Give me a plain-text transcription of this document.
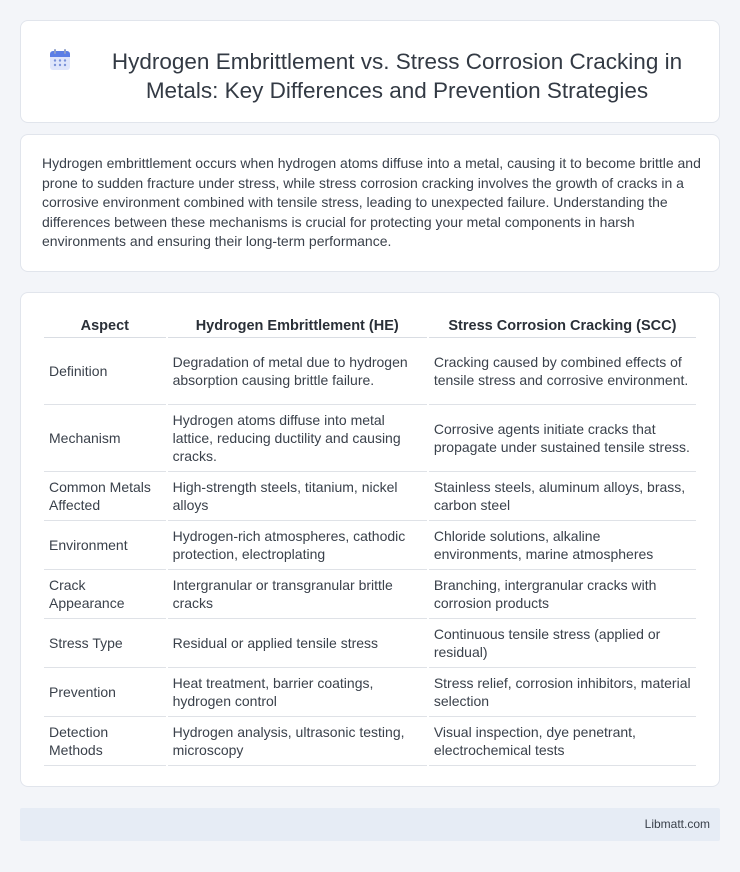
Hydrogen Embrittlement vs. Stress Corrosion Cracking in Metals: Key Differences and Prevention Strategies

Hydrogen embrittlement occurs when hydrogen atoms diffuse into a metal, causing it to become brittle and prone to sudden fracture under stress, while stress corrosion cracking involves the growth of cracks in a corrosive environment combined with tensile stress, leading to unexpected failure. Understanding the differences between these mechanisms is crucial for protecting your metal components in harsh environments and ensuring their long-term performance.

Aspect	Hydrogen Embrittlement (HE)	Stress Corrosion Cracking (SCC)
Definition	Degradation of metal due to hydrogen absorption causing brittle failure.	Cracking caused by combined effects of tensile stress and corrosive environment.
Mechanism	Hydrogen atoms diffuse into metal lattice, reducing ductility and causing cracks.	Corrosive agents initiate cracks that propagate under sustained tensile stress.
Common Metals Affected	High-strength steels, titanium, nickel alloys	Stainless steels, aluminum alloys, brass, carbon steel
Environment	Hydrogen-rich atmospheres, cathodic protection, electroplating	Chloride solutions, alkaline environments, marine atmospheres
Crack Appearance	Intergranular or transgranular brittle cracks	Branching, intergranular cracks with corrosion products
Stress Type	Residual or applied tensile stress	Continuous tensile stress (applied or residual)
Prevention	Heat treatment, barrier coatings, hydrogen control	Stress relief, corrosion inhibitors, material selection
Detection Methods	Hydrogen analysis, ultrasonic testing, microscopy	Visual inspection, dye penetrant, electrochemical tests
Libmatt.com
